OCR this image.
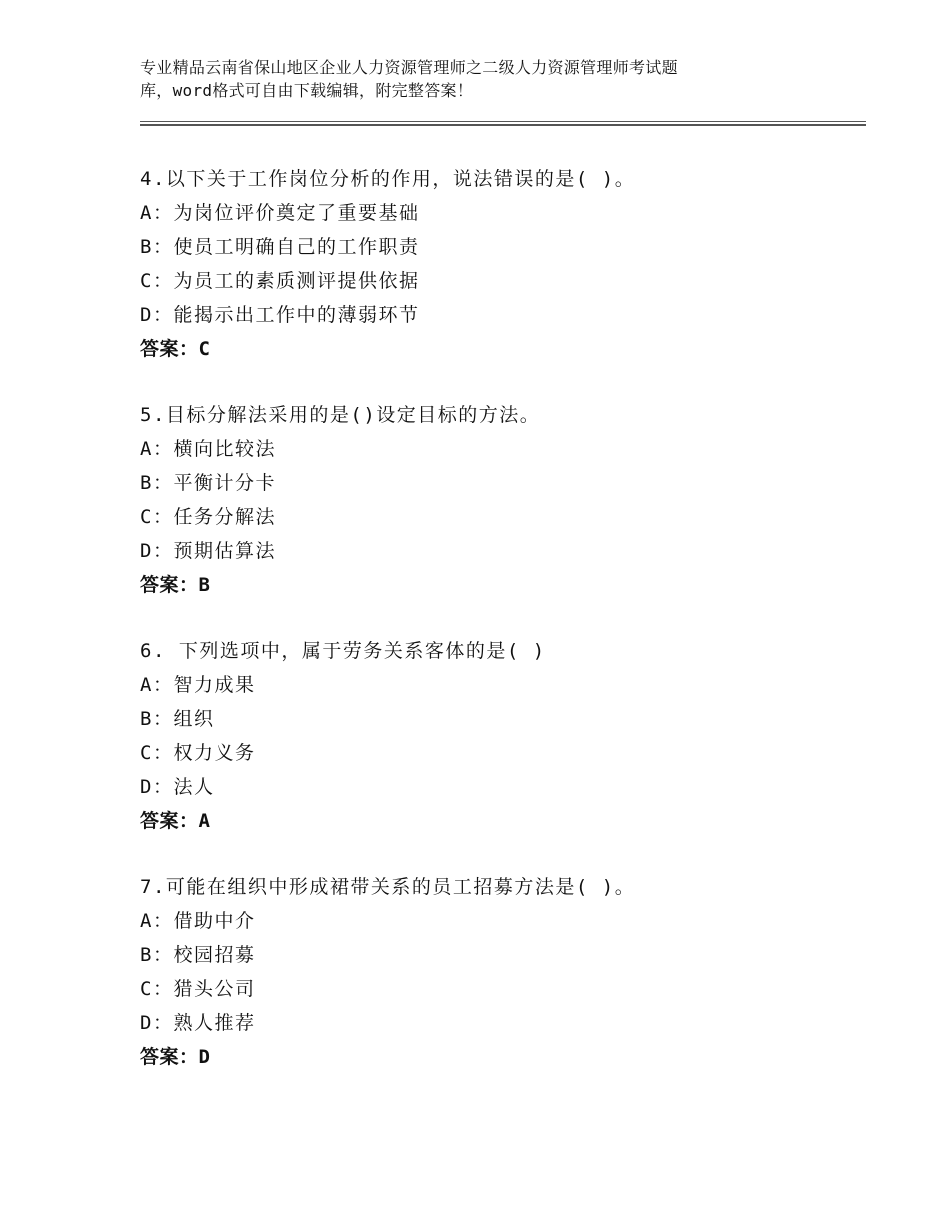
专业精品云南省保山地区企业人力资源管理师之二级人力资源管理师考试题
库，word格式可自由下载编辑，附完整答案！
4.以下关于工作岗位分析的作用，说法错误的是( )。
A：为岗位评价奠定了重要基础
B：使员工明确自己的工作职责
C：为员工的素质测评提供依据
D：能揭示出工作中的薄弱环节
答案：C
5.目标分解法采用的是()设定目标的方法。
A：横向比较法
B：平衡计分卡
C：任务分解法
D：预期估算法
答案：B
6. 下列选项中，属于劳务关系客体的是( )
A：智力成果
B：组织
C：权力义务
D：法人
答案：A
7.可能在组织中形成裙带关系的员工招募方法是( )。
A：借助中介
B：校园招募
C：猎头公司
D：熟人推荐
答案：D
